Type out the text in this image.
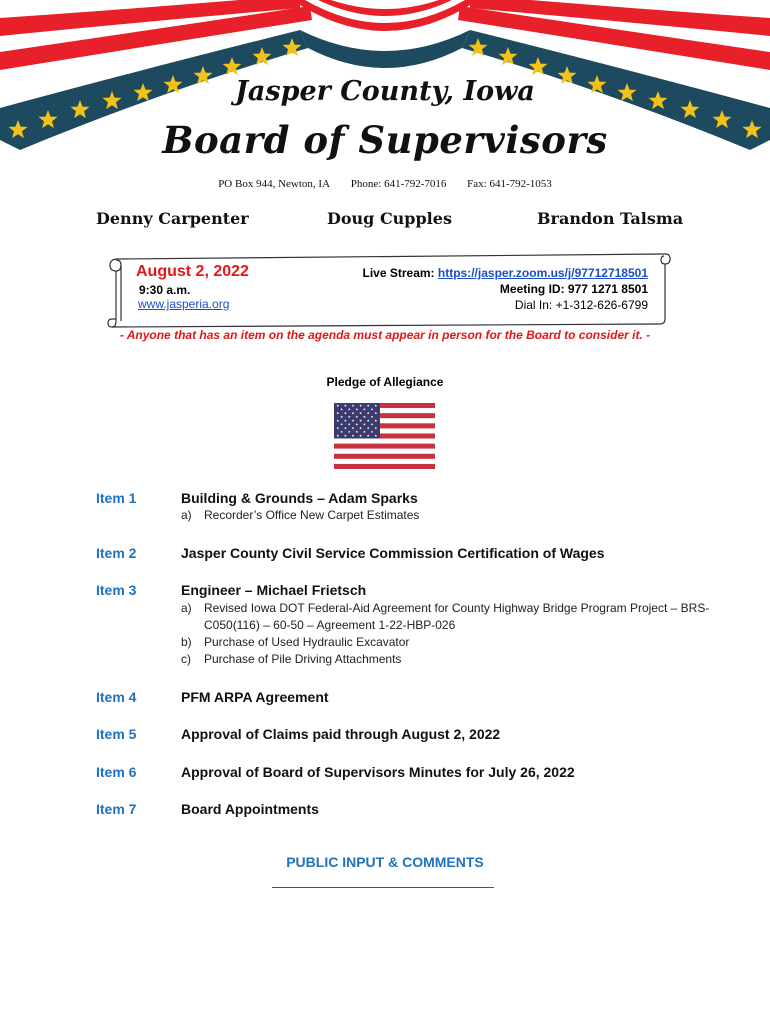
Jasper County, Iowa
Board of Supervisors
PO Box 944, Newton, IA Phone: 641-792-7016 Fax: 641-792-1053
Denny Carpenter	Doug Cupples	Brandon Talsma
August 2, 2022
9:30 a.m.
www.jasperia.org
Live Stream: https://jasper.zoom.us/j/97712718501
Meeting ID: 977 1271 8501
Dial In: +1-312-626-6799
- Anyone that has an item on the agenda must appear in person for the Board to consider it. -
Pledge of Allegiance
Item 1	Building & Grounds – Adam Sparks
a)	Recorder’s Office New Carpet Estimates
Item 2	Jasper County Civil Service Commission Certification of Wages
Item 3	Engineer – Michael Frietsch
a)	Revised Iowa DOT Federal-Aid Agreement for County Highway Bridge Program Project – BRS-C050(116) – 60-50 – Agreement 1-22-HBP-026
b)	Purchase of Used Hydraulic Excavator
c)	Purchase of Pile Driving Attachments
Item 4	PFM ARPA Agreement
Item 5	Approval of Claims paid through August 2, 2022
Item 6	Approval of Board of Supervisors Minutes for July 26, 2022
Item 7	Board Appointments
PUBLIC INPUT & COMMENTS
